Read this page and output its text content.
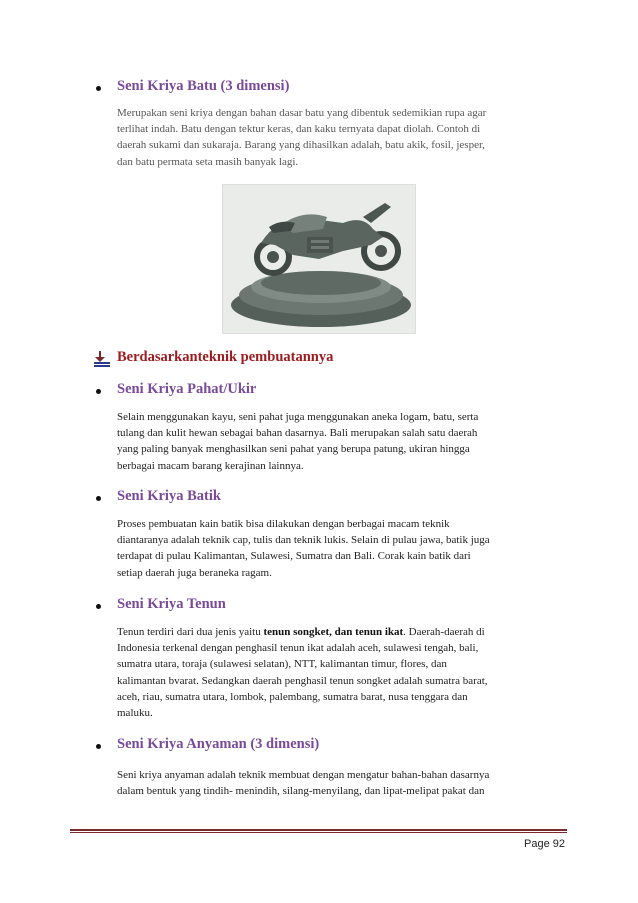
Seni Kriya Batu (3 dimensi)
Merupakan seni kriya dengan bahan dasar batu yang dibentuk sedemikian rupa agar
terlihat indah. Batu dengan tektur keras, dan kaku ternyata dapat diolah. Contoh di
daerah sukami dan sukaraja. Barang yang dihasilkan adalah, batu akik, fosil, jesper,
dan batu permata seta masih banyak lagi.
Berdasarkanteknik pembuatannya
Seni Kriya Pahat/Ukir
Selain menggunakan kayu, seni pahat juga menggunakan aneka logam, batu, serta
tulang dan kulit hewan sebagai bahan dasarnya. Bali merupakan salah satu daerah
yang paling banyak menghasilkan seni pahat yang berupa patung, ukiran hingga
berbagai macam barang kerajinan lainnya.
Seni Kriya Batik
Proses pembuatan kain batik bisa dilakukan dengan berbagai macam teknik
diantaranya adalah teknik cap, tulis dan teknik lukis. Selain di pulau jawa, batik juga
terdapat di pulau Kalimantan, Sulawesi, Sumatra dan Bali. Corak kain batik dari
setiap daerah juga beraneka ragam.
Seni Kriya Tenun
Tenun terdiri dari dua jenis yaitu tenun songket, dan tenun ikat. Daerah-daerah di
Indonesia terkenal dengan penghasil tenun ikat adalah aceh, sulawesi tengah, bali,
sumatra utara, toraja (sulawesi selatan), NTT, kalimantan timur, flores, dan
kalimantan bvarat. Sedangkan daerah penghasil tenun songket adalah sumatra barat,
aceh, riau, sumatra utara, lombok, palembang, sumatra barat, nusa tenggara dan
maluku.
Seni Kriya Anyaman (3 dimensi)
Seni kriya anyaman adalah teknik membuat dengan mengatur bahan-bahan dasarnya
dalam bentuk yang tindih- menindih, silang-menyilang, dan lipat-melipat pakat dan
Page 92
